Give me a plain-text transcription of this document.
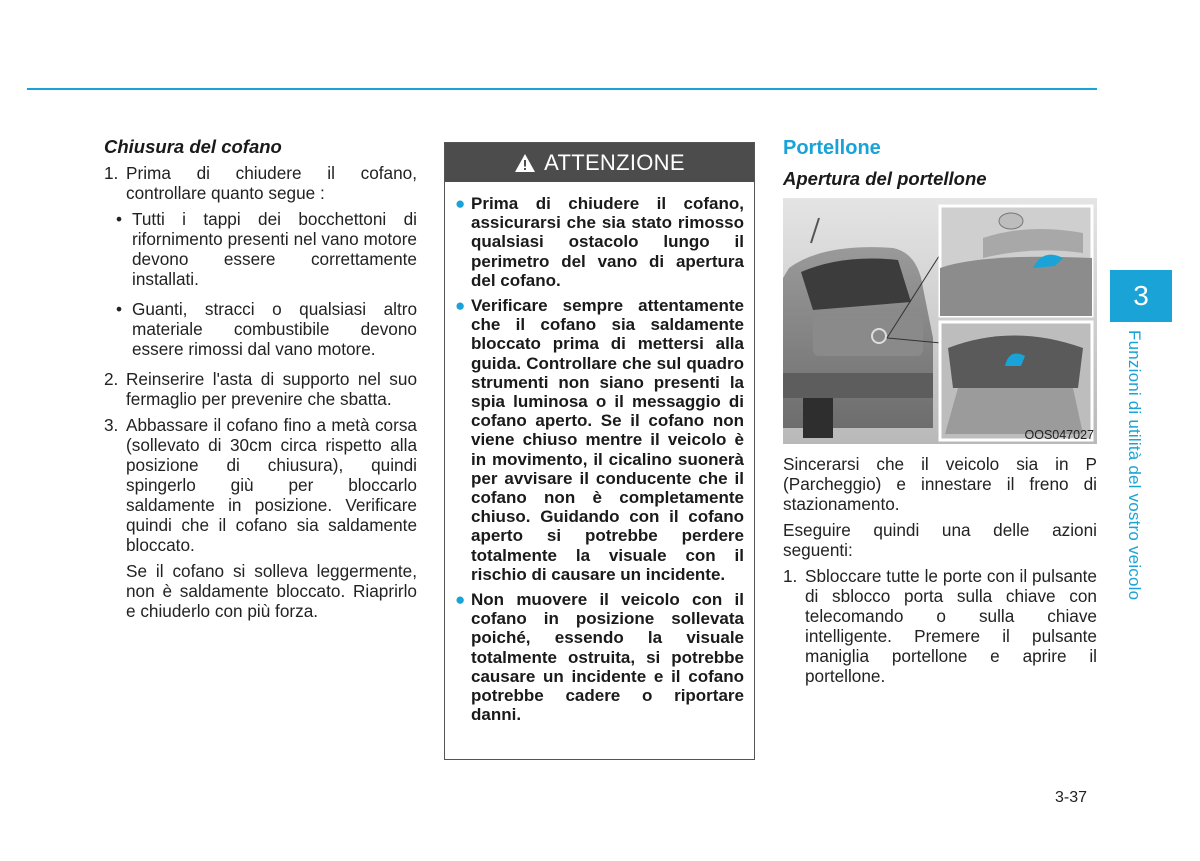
Chiusura del cofano
1. Prima di chiudere il cofano, controllare quanto segue :
• Tutti i tappi dei bocchettoni di rifornimento presenti nel vano motore devono essere correttamente installati.
• Guanti, stracci o qualsiasi altro materiale combustibile devono essere rimossi dal vano motore.
2. Reinserire l'asta di supporto nel suo fermaglio per prevenire che sbatta.
3. Abbassare il cofano fino a metà corsa (sollevato di 30cm circa rispetto alla posizione di chiusura), quindi spingerlo giù per bloccarlo saldamente in posizione. Verificare quindi che il cofano sia saldamente bloccato.
Se il cofano si solleva leggermente, non è saldamente bloccato. Riaprirlo e chiuderlo con più forza.
ATTENZIONE
● Prima di chiudere il cofano, assicurarsi che sia stato rimosso qualsiasi ostacolo lungo il perimetro del vano di apertura del cofano.
● Verificare sempre attentamente che il cofano sia saldamente bloccato prima di mettersi alla guida. Controllare che sul quadro strumenti non siano presenti la spia luminosa o il messaggio di cofano aperto. Se il cofano non viene chiuso mentre il veicolo è in movimento, il cicalino suonerà per avvisare il conducente che il cofano non è completamente chiuso. Guidando con il cofano aperto si potrebbe perdere totalmente la visuale con il rischio di causare un incidente.
● Non muovere il veicolo con il cofano in posizione sollevata poiché, essendo la visuale totalmente ostruita, si potrebbe causare un incidente e il cofano potrebbe cadere o riportare danni.
Portellone
Apertura del portellone
OOS047027
Sincerarsi che il veicolo sia in P (Parcheggio) e innestare il freno di stazionamento.
Eseguire quindi una delle azioni seguenti:
1. Sbloccare tutte le porte con il pulsante di sblocco porta sulla chiave con telecomando o sulla chiave intelligente. Premere il pulsante maniglia portellone e aprire il portellone.
3
Funzioni di utilità del vostro veicolo
3-37
